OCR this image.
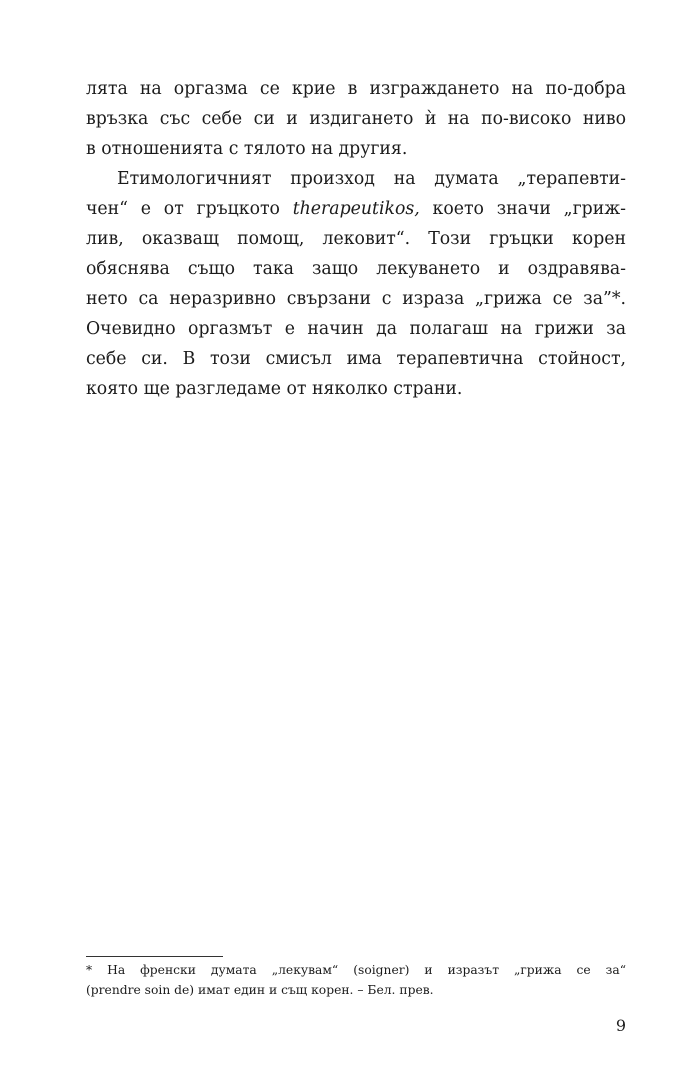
лята на оргазма се крие в изграждането на по-добра
връзка със себе си и издигането ѝ на по-високо ниво
в отношенията с тялото на другия.
Етимологичният произход на думата „терапевти-
чен“ е от гръцкото therapeutikos, което значи „гриж-
лив, оказващ помощ, лековит“. Този гръцки корен
обяснява също така защо лекуването и оздравява-
нето са неразривно свързани с израза „грижа се за”*.
Очевидно оргазмът е начин да полагаш на грижи за
себе си. В този смисъл има терапевтична стойност,
която ще разгледаме от няколко страни.
* На френски думата „лекувам“ (soigner) и изразът „грижа се за“
(prendre soin de) имат един и същ корен. – Бел. прев.
9
